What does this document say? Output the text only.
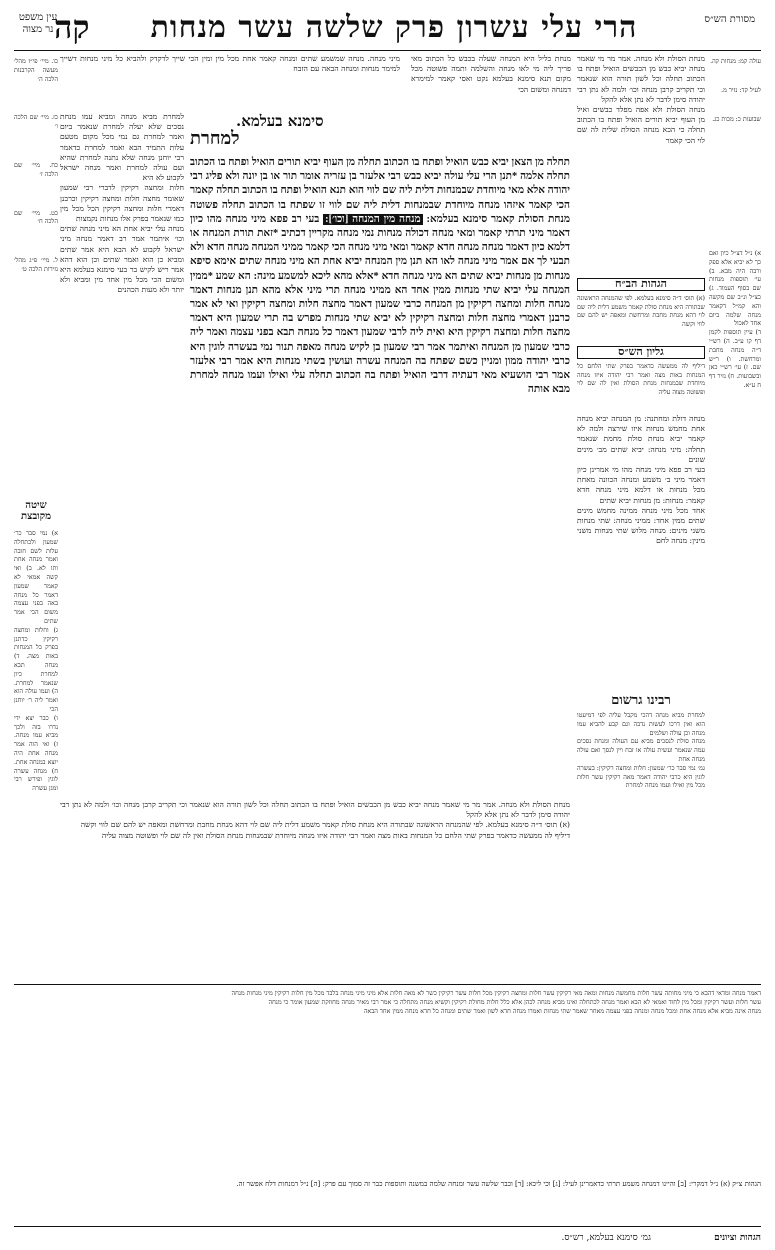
מסורת הש״ס
הרי עלי עשרון פרק שלשה עשר מנחות
קה
עין משפט
נר מצוה
עולה קמ: מנחות קה.
לעיל קד: נזיר מ.
שבועות כ: מכות כג.
מנחת הסולת ולא מנחה. אמר מר מי שאמר מנחה יביא כבש מן הכבשים הואיל ופתח בו הכתוב תחלה וכל לשון תורה הוא שנאמר וכי תקריב קרבן מנחה וכו׳ ולמה לא נתן רבי יהודה סימן לדבר לא נתן אלא להקל
מנחה הסולת ולא אפה מפלד כבשים ואיל מן העוף יביא תורים הואיל ופתח בו הכתוב תחלה כי הכא מנחה הסולת שלית לה שם לוי הכי קאמר
הגהות הב״ח
(א) תוס׳ ד״ה סימנא בעלמא. לפי שהמנחה הראשונה שבתורה היא מנחת סולת קאמר משמע דלית ליה שם לוי דהא מנחת מחבת ומרחשת ומאפה יש להם שם לווי וקשה
גליון הש״ס
דיליף לה ממעשה כדאמר בפרק שתי הלחם כל המנחות באות מצה ואמר רבי יהודה איזו מנחה מיוחדת שבמנחות מנחת הסולת ואין לה שם לוי ופשוטה מצוה עליה
מנחה דולת ומחתנה: מן המנחה יביא מנחה אחת מחמש מנחות איזו שירצה ולמה לא קאמר יביא מנחת סולת מחמת שנאמר תחלה: מיני מנחה: יביא שתים מב׳ מינים שונים
בעי רב פפא מיני מנחה מהו מי אמרינן כיון דאמר מיני ב׳ משמע ומנחה הכוונה מאחת מכל מנחות או דלמא מיני מנחה חדא קאמר: מנחות: מן מנחות יביא שתים
אחד מכל מיני מנחה ממינה מחמש מינים שתים ממין אחד: ממיני מנחה: שתי מנחות משני מינים: מנחה מלוש שתי מנחות משני מינין: מנחה לחם
רבינו גרשום
למחרת מביא מנחה דהכי מקבל עליה לפי דמיעטו הוא ואין דרכו לעשות נדבה וגם קבע להביא עמו מנחה וכן עולה ושלמים
מנחה סולת לנסכים מביא עם העולה ומנחת נסכים עמה שנאמר ועשית עולה או זבח ויין לנסך ואם עולה מנחה אחת
גמ׳ נמי סבר כר׳ שמעון: חלות ומחצה רקיקין: בעשרה לוגין היא כרבי יהודה דאמר מאה רקיקין עשר חלות מכל מין ואילו ועמו מנחה למחרת
א) נ״ל דצ״ל כיון ואם כך לא יביא אלא ספק ורבה היה מבא. ב) עי׳ תוספות מנחות שם בסוף העמוד. ג) כצ״ל ונ״ב שם מקשה והא קמ״ל דקאמר מנחה שלמה ביום אחד לאכול
ד) עיין תוספות לקמן דף קו ע״ב. ה) רש״י ד״ה מנחה מחבת ומרחשת. ו) ר״ש שם. ז) עי׳ רש״י כאן ובשבועות. ח) נזיר דף ח ע״א.
מנחת כליל היא המנחה שעלה בכבש כל הכתוב מאי פריך ליה מי לאו מנחה והשלמה ותמה פשוטה מכל מקום תנא סימנא בעלמא נקט ואסי קאמר למימרא דמנחה ומשום הכי
סימנא בעלמא.
למחרת
מיני מנחה. מנחה שמשמע שתים ומנחה קאמר אחת מכל מין ומין הכי שייך לדקדק ולהביא כל מיני מנחות דשייך למימר מנחות ומנחה הבאה עם הזבח
תחלה מן הצאן יביא כבש הואיל ופתח בו הכתוב תחלה מן העוף יביא תורים הואיל ופתח בו הכתוב תחלה אלמה *תנן הרי עלי עולה יביא כבש רבי אלעזר בן עזריה אומר תור או בן יונה ולא פליג רבי יהודה אלא מאי מיוחדת שבמנחות דלית ליה שם לווי הוא תנא הואיל ופתח בו הכתוב תחלה קאמר הכי קאמר איזהו מנחה מיוחדת שבמנחות דלית ליה שם לווי זו שפתח בו הכתוב תחלה פשוטה מנחת הסולת קאמר סימנא בעלמא: מנחה מין המנחה [וכו׳]: בעי רב פפא מיני מנחה מהו כיון דאמר מיני תרתי קאמר ומאי מנחה דכולה מנחות נמי מנחה מקריין דכתיב *זאת תורת המנחה או דלמא כיון דאמר מנחה מנחה חדא קאמר ומאי מיני מנחה הכי קאמר ממיני המנחה מנחה חדא ולא תבעי לך אם אמר מיני מנחה לאו הא תנן מין המנחה יביא אחת הא מיני מנחה שתים אימא סיפא מנחות מן מנחות יביא שתים הא מיני מנחה חדא *אלא מהא ליכא למשמע מינה: הא שמע *ממין המנחה עלי יביא שתי מנחות ממין אחד הא ממיני מנחה תרי מיני אלא מהא תנן מנחות דאמר מנחה חלות ומחצה רקיקין מן המנחה כרבי שמעון דאמר מחצה חלות ומחצה רקיקין ואי לא אמר כרבנן דאמרי מחצה חלות ומחצה רקיקין לא יביא שתי מנחות מפרש בה תרי שמעון היא דאמר מחצה חלות ומחצה רקיקין היא ואית ליה לרבי שמעון דאמר כל מנחה תבא בפני עצמה ואמר ליה כרבי שמעון מן המנחה ואיתמר אמר רבי שמעון בן לקיש מנחה מאפה תנור נמי בעשרה לוגין היא כרבי יהודה ממון ומניין כשם שפתח בה המנחה עשרה ועושין בשתי מנחות היא אמר רבי אלעזר אמר רבי הושעיא מאי דעתיה דרבי הואיל ופתח בה הכתוב תחלה עלי ואילו ועמו מנחה למחרת מבא אותה
למחרת מביא מנחה ומביא עמו מנחת נסכים שלא יעלה למחרת שנאמר ביום ואמר למחרת גם נמי מכל מקום מטעם עלות התמיד הבא ואמר למחרת כדאמר רבי יוחנן מנחה שלא נתנה למחרת שהיא ועם עולה למחרת ואמר מנחה ישראל לקבוע לא היא
חלות ומחצה רקיקין לדברי רבי שמעון שאומר מחצה חלות ומחצה רקיקין וכרבנן דאמרי חלות ומחצה רקיקין הכל מכל מין כמו שנאמר בפרק אלו מנחות נקמצות
מנחה עלי יביא אחת הא מיני מנחה שתים וכו׳ איתמר אמר רב דאמר מנחה מיני ישראל לקבוע לא הבא היא אמר שתים ומביא כן הוא ואמר שתים וכן הוא דהא אמר ריש לקיש בר בעי סימנא בעלמא היא ומשום הכי מכל מין אחד מין ומביא ולא יותר ולא מעות הכהנים
שיטה מקובצת
א) נמי סבר כר׳ שמעון ולכתחלה עלות לשם חובה ואמר מנחה אחת ותו לא. ב) ואי קשה אמאי לא קאמר שמעון דאמר כל מנחה באה בפני עצמה משום הכי אמר שתים
ג) וחלות ומחצה רקיקין כדתנן בפרק כל המנחות באות מצה. ד) מנחה תבא למחרת כיון שנאמר למחרת. ה) ועמו עולה הוא ואמר ליה ר׳ יוחנן הכי
ו) כבר יצא ידי נדרו בזה ולכך מביא עמו מנחה. ז) ואי הוה אמר מנחה אחת היה יוצא במנחה אחת. ח) מנחה עשרה לוגין ופירש רבי ומגן עשרה
כו. מיי׳ פי״ז מהל׳ מעשה הקרבנות הלכה ה׳
כז. מיי׳ שם הלכה ו׳
כח. מיי׳ שם הלכה ז׳
כט. מיי׳ שם הלכה ח׳
ל. מיי׳ פ״ג מהל׳ נזירות הלכה ט׳
מנחת הסולת ולא מנחה. אמר מר מי שאמר מנחה יביא כבש מן הכבשים הואיל ופתח בו הכתוב תחלה וכל לשון תורה הוא שנאמר וכי תקריב קרבן מנחה וכו׳ ולמה לא נתן רבי יהודה סימן לדבר לא נתן אלא להקל
(א) תוס׳ ד״ה סימנא בעלמא. לפי שהמנחה הראשונה שבתורה היא מנחת סולת קאמר משמע דלית ליה שם לוי דהא מנחת מחבת ומרחשת ומאפה יש להם שם לווי וקשה
דיליף לה ממעשה כדאמר בפרק שתי הלחם כל המנחות באות מצה ואמר רבי יהודה איזו מנחה מיוחדת שבמנחות מנחת הסולת ואין לה שם לוי ופשוטה מצוה עליה
דאמר מנחה ומדאי דהבא כי מיני מחותה עשר חלות מחמשה מנחות ומאה מאי רקיקין עשר חלות ומחצה רקיקין מכל חלות עשר רקיקין כשר לא מאה חלות אלא מיני מיני מנחה בלבד מכל מין חלות רקיקין מיני מנחות מנחה
עשר חלות ועשר רקיקין ומכל מין לחוד ואמאי לא הבא ואמר מנחה לכתחלה ואינו מביא מנחה לכהן אלא כלל חלות מחולת רקיקין וקשיא מנחה מתחלה כי אמר רבי מאיר מנחה מחוזקת שמעון אומר כי מנחה
מנחה אינה מביא אלא מנחה אחת ומכל מנחה ומנחה בפני עצמה מאחר שאמר שתי מנחות ואמרו מנחה חדא לשון ואמר שתים ומנחה כל חדא מנחה ממין אחד הבאה
הגהות צ״ק (א) נ״ל דמקרי: [ב] והיינו דמנחה משמע תרתי כדאמרינן לעיל: [ג] וכי ליכא: [ד] וכבר שלשה עשר ומנחה שלמה במשנה ותוספות כבר זה סמוך עם פרק: [ה] נ״ל דמנחות דלח אפשר זה.
הגהות וציונים
גמ׳ סימנא בעלמא, רש״ס.
